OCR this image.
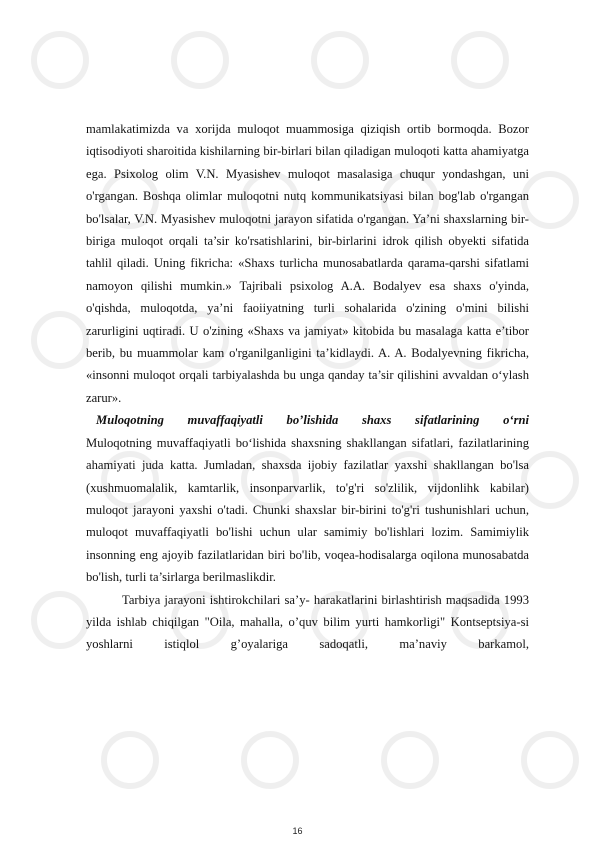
mamlakatimizda va xorijda muloqot muammosiga qiziqish ortib bormoqda. Bozor iqtisodiyoti sharoitida kishilarning bir-birlari bilan qiladigan muloqoti katta ahamiyatga ega. Psixolog olim V.N. Myasishev muloqot masalasiga chuqur yondashgan, uni o'rgangan. Boshqa olimlar muloqotni nutq kommunikatsiyasi bilan bog'lab o'rgangan bo'lsalar, V.N. Myasishev muloqotni jarayon sifatida o'rgangan. Ya’ni shaxslarning bir-biriga muloqot orqali ta’sir ko'rsatishlarini, bir-birlarini idrok qilish obyekti sifatida tahlil qiladi. Uning fikricha: «Shaxs turlicha munosabatlarda qarama-qarshi sifatlami namoyon qilishi mumkin.» Tajribali psixolog A.A. Bodalyev esa shaxs o'yinda, o'qishda, muloqotda, ya’ni faoiiyatning turli sohalarida o'zining o'mini bilishi zarurligini uqtiradi. U o'zining «Shaxs va jamiyat» kitobida bu masalaga katta e’tibor berib, bu muammolar kam o'rganilganligini ta’kidlaydi. A. A. Bodalyevning fikricha, «insonni muloqot orqali tarbiyalashda bu unga qanday ta’sir qilishini avvaldan o‘ylash zarur».

Muloqotning muvaffaqiyatli bo’lishida shaxs sifatlarining o‘rni

Muloqotning muvaffaqiyatli bo‘lishida shaxsning shakllangan sifatlari, fazilatlarining ahamiyati juda katta. Jumladan, shaxsda ijobiy fazilatlar yaxshi shakllangan bo'lsa (xushmuomalalik, kamtarlik, insonparvarlik, to'g'ri so'zlilik, vijdonlihk kabilar) muloqot jarayoni yaxshi o'tadi. Chunki shaxslar bir-birini to'g'ri tushunishlari uchun, muloqot muvaffaqiyatli bo'lishi uchun ular samimiy bo'lishlari lozim. Samimiylik insonning eng ajoyib fazilatlaridan biri bo'lib, voqea-hodisalarga oqilona munosabatda bo'lish, turli ta’sirlarga berilmaslikdir.

Tarbiya jarayoni ishtirokchilari sa’y- harakatlarini birlashtirish maqsadida 1993 yilda ishlab chiqilgan "Oila, mahalla, o’quv bilim yurti hamkorligi" Kontseptsiya-si yoshlarni istiqlol g’oyalariga sadoqatli, ma’naviy barkamol,

16
